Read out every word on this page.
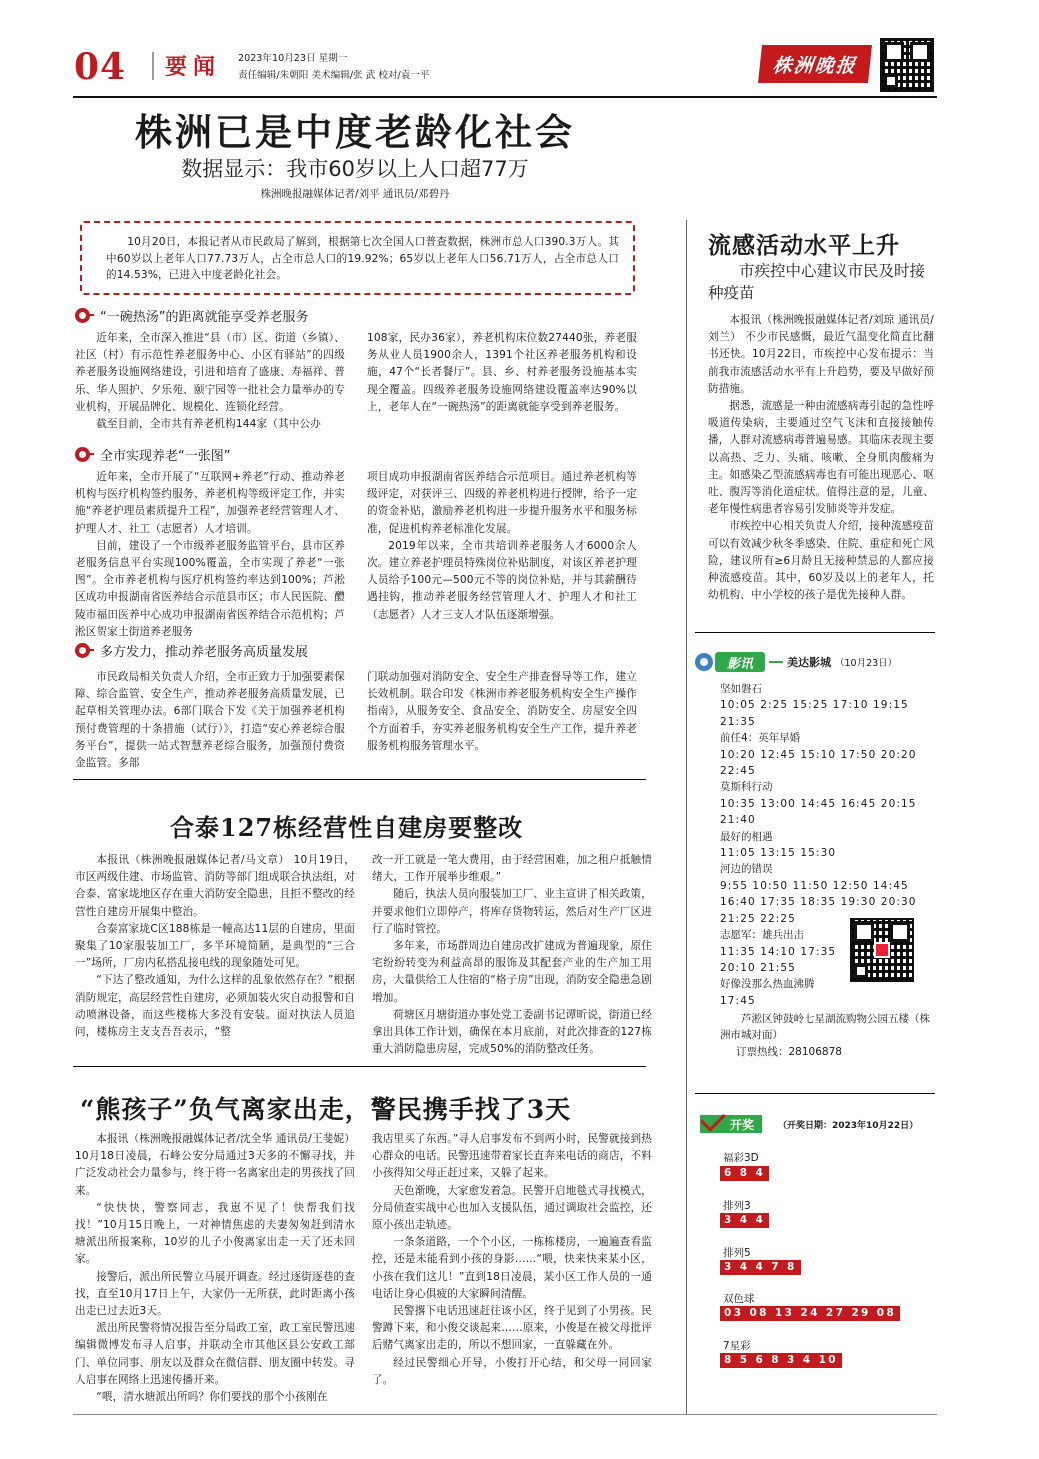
04 要闻 2023年10月23日 星期一
责任编辑/朱朝阳 美术编辑/张 武 校对/袁一平	株洲晚报
株洲已是中度老龄化社会
数据显示：我市60岁以上人口超77万
株洲晚报融媒体记者/刘平 通讯员/邓碧丹

10月20日，本报记者从市民政局了解到，根据第七次全国人口普查数据，株洲市总人口390.3万人。其中60岁以上老年人口77.73万人，占全市总人口的19.92%；65岁以上老年人口56.71万人，占全市总人口的14.53%，已进入中度老龄化社会。

“一碗热汤”的距离就能享受养老服务

近年来，全市深入推进“县（市）区、街道（乡镇）、社区（村）有示范性养老服务中心、小区有驿站”的四级养老服务设施网络建设，引进和培育了盛康、寿福祥、普乐、华人照护、夕乐苑、颐宁园等一批社会力量举办的专业机构，开展品牌化、规模化、连锁化经营。

截至目前，全市共有养老机构144家（其中公办

108家，民办36家），养老机构床位数27440张，养老服务从业人员1900余人，1391个社区养老服务机构和设施，47个“长者餐厅”。县、乡、村养老服务设施基本实现全覆盖。四级养老服务设施网络建设覆盖率达90%以上，老年人在“一碗热汤”的距离就能享受到养老服务。

全市实现养老“一张图”

近年来，全市开展了“互联网+养老”行动、推动养老机构与医疗机构签约服务、养老机构等级评定工作，并实施“养老护理员素质提升工程”，加强养老经营管理人才、护理人才、社工（志愿者）人才培训。

目前，建设了一个市级养老服务监管平台，县市区养老服务信息平台实现100%覆盖，全市实现了养老“一张图”。全市养老机构与医疗机构签约率达到100%；芦淞区成功申报湖南省医养结合示范县市区；市人民医院、醴陵市福田医养中心成功申报湖南省医养结合示范机构；芦淞区贺家土街道养老服务

项目成功申报湖南省医养结合示范项目。通过养老机构等级评定，对获评三、四级的养老机构进行授牌，给予一定的资金补贴，激励养老机构进一步提升服务水平和服务标准，促进机构养老标准化发展。

2019年以来，全市共培训养老服务人才6000余人次。建立养老护理员特殊岗位补贴制度，对该区养老护理人员给予100元—500元不等的岗位补贴，并与其薪酬待遇挂钩，推动养老服务经营管理人才、护理人才和社工（志愿者）人才三支人才队伍逐渐增强。

多方发力，推动养老服务高质量发展

市民政局相关负责人介绍，全市正致力于加强要素保障、综合监管、安全生产，推动养老服务高质量发展，已起草相关管理办法。6部门联合下发《关于加强养老机构预付费管理的十条措施（试行）》，打造“安心养老综合服务平台”，提供一站式智慧养老综合服务，加强预付费资金监管。多部

门联动加强对消防安全、安全生产排查督导等工作，建立长效机制。联合印发《株洲市养老服务机构安全生产操作指南》，从服务安全、食品安全、消防安全、房屋安全四个方面着手，夯实养老服务机构安全生产工作，提升养老服务机构服务管理水平。

合泰127栋经营性自建房要整改

本报讯（株洲晚报融媒体记者/马文章） 10月19日，市区两级住建、市场监管、消防等部门组成联合执法组，对合泰、富家垅地区存在重大消防安全隐患，且拒不整改的经营性自建房开展集中整治。

合泰富家垅C区188栋是一幢高达11层的自建房，里面聚集了10家服装加工厂，多半环境简陋，是典型的“三合一”场所，厂房内私搭乱接电线的现象随处可见。

“下达了整改通知，为什么这样的乱象依然存在？”根据消防规定，高层经营性自建房，必须加装火灾自动报警和自动喷淋设备，而这些楼栋大多没有安装。面对执法人员追问，楼栋房主支支吾吾表示，“整

改一开工就是一笔大费用，由于经营困难，加之租户抵触情绪大，工作开展举步维艰。”

随后，执法人员向服装加工厂、业主宣讲了相关政策，并要求他们立即停产，将库存货物转运，然后对生产厂区进行了临时管控。

多年来，市场群周边自建房改扩建成为普遍现象，原住宅纷纷转变为利益高昂的服饰及其配套产业的生产加工用房，大量供给工人住宿的“格子房”出现，消防安全隐患急剧增加。

荷塘区月塘街道办事处党工委副书记谭昕说，街道已经拿出具体工作计划，确保在本月底前，对此次排查的127栋重大消防隐患房屋，完成50%的消防整改任务。

“熊孩子”负气离家出走，警民携手找了3天

本报讯（株洲晚报融媒体记者/沈全华 通讯员/王斐妮） 10月18日凌晨，石峰公安分局通过3天多的不懈寻找，并广泛发动社会力量参与，终于将一名离家出走的男孩找了回来。

“快快快，警察同志，我崽不见了！快帮我们找找！”10月15日晚上，一对神情焦虑的夫妻匆匆赶到清水塘派出所报案称，10岁的儿子小俊离家出走一天了还未回家。

接警后，派出所民警立马展开调查。经过逐街逐巷的查找，直至10月17日上午，大家仍一无所获，此时距离小孩出走已过去近3天。

派出所民警将情况报告至分局政工室，政工室民警迅速编辑微博发布寻人启事，并联动全市其他区县公安政工部门、单位同事、朋友以及群众在微信群、朋友圈中转发。寻人启事在网络上迅速传播开来。

“喂，清水塘派出所吗？你们要找的那个小孩刚在

我店里买了东西。”寻人启事发布不到两小时，民警就接到热心群众的电话。民警迅速带着家长直奔来电话的商店，不料小孩得知父母正赶过来，又躲了起来。

天色渐晚，大家愈发着急。民警开启地毯式寻找模式，分局侦查实战中心也加入支援队伍，通过调取社会监控，还原小孩出走轨迹。

一条条道路，一个个小区，一栋栋楼房，一遍遍查看监控，还是未能看到小孩的身影……“喂，快来快来某小区，小孩在我们这儿！”直到18日凌晨，某小区工作人员的一通电话让身心俱疲的大家瞬间清醒。

民警撂下电话迅速赶往该小区，终于见到了小男孩。民警蹲下来，和小俊交谈起来……原来，小俊是在被父母批评后赌气离家出走的，所以不想回家，一直躲藏在外。

经过民警细心开导，小俊打开心结，和父母一同回家了。

流感活动水平上升
市疾控中心建议市民及时接种疫苗

本报讯（株洲晚报融媒体记者/刘琼 通讯员/刘兰） 不少市民感慨，最近气温变化简直比翻书还快。10月22日，市疾控中心发布提示：当前我市流感活动水平有上升趋势，要及早做好预防措施。

据悉，流感是一种由流感病毒引起的急性呼吸道传染病，主要通过空气飞沫和直接接触传播，人群对流感病毒普遍易感。其临床表现主要以高热、乏力、头痛、咳嗽、全身肌肉酸痛为主。如感染乙型流感病毒也有可能出现恶心、呕吐、腹泻等消化道症状。值得注意的是，儿童、老年慢性病患者容易引发肺炎等并发症。

市疾控中心相关负责人介绍，接种流感疫苗可以有效减少秋冬季感染、住院、重症和死亡风险，建议所有≥6月龄且无接种禁忌的人都应接种流感疫苗。其中，60岁及以上的老年人，托幼机构、中小学校的孩子是优先接种人群。

影讯	美达影城 （10月23日）
坚如磐石
10:05 2:25 15:25 17:10 19:15
21:35
前任4：英年早婚
10:20 12:45 15:10 17:50 20:20
22:45
莫斯科行动
10:35 13:00 14:45 16:45 20:15
21:40
最好的相遇
11:05 13:15 15:30
河边的错误
9:55 10:50 11:50 12:50 14:45
16:40 17:35 18:35 19:30 20:30
21:25 22:25
志愿军：雄兵出击
11:35 14:10 17:35
20:10 21:55
好像没那么热血沸腾
17:45
芦淞区钟鼓岭七星湖流购物公园五楼（株洲市城对面）
订票热线：28106878
开奖	（开奖日期：2023年10月22日）
福彩3D
6 8 4
排列3
3 4 4
排列5
3 4 4 7 8
双色球
03 08 13 24 27 29 08
7星彩
8 5 6 8 3 4 10
